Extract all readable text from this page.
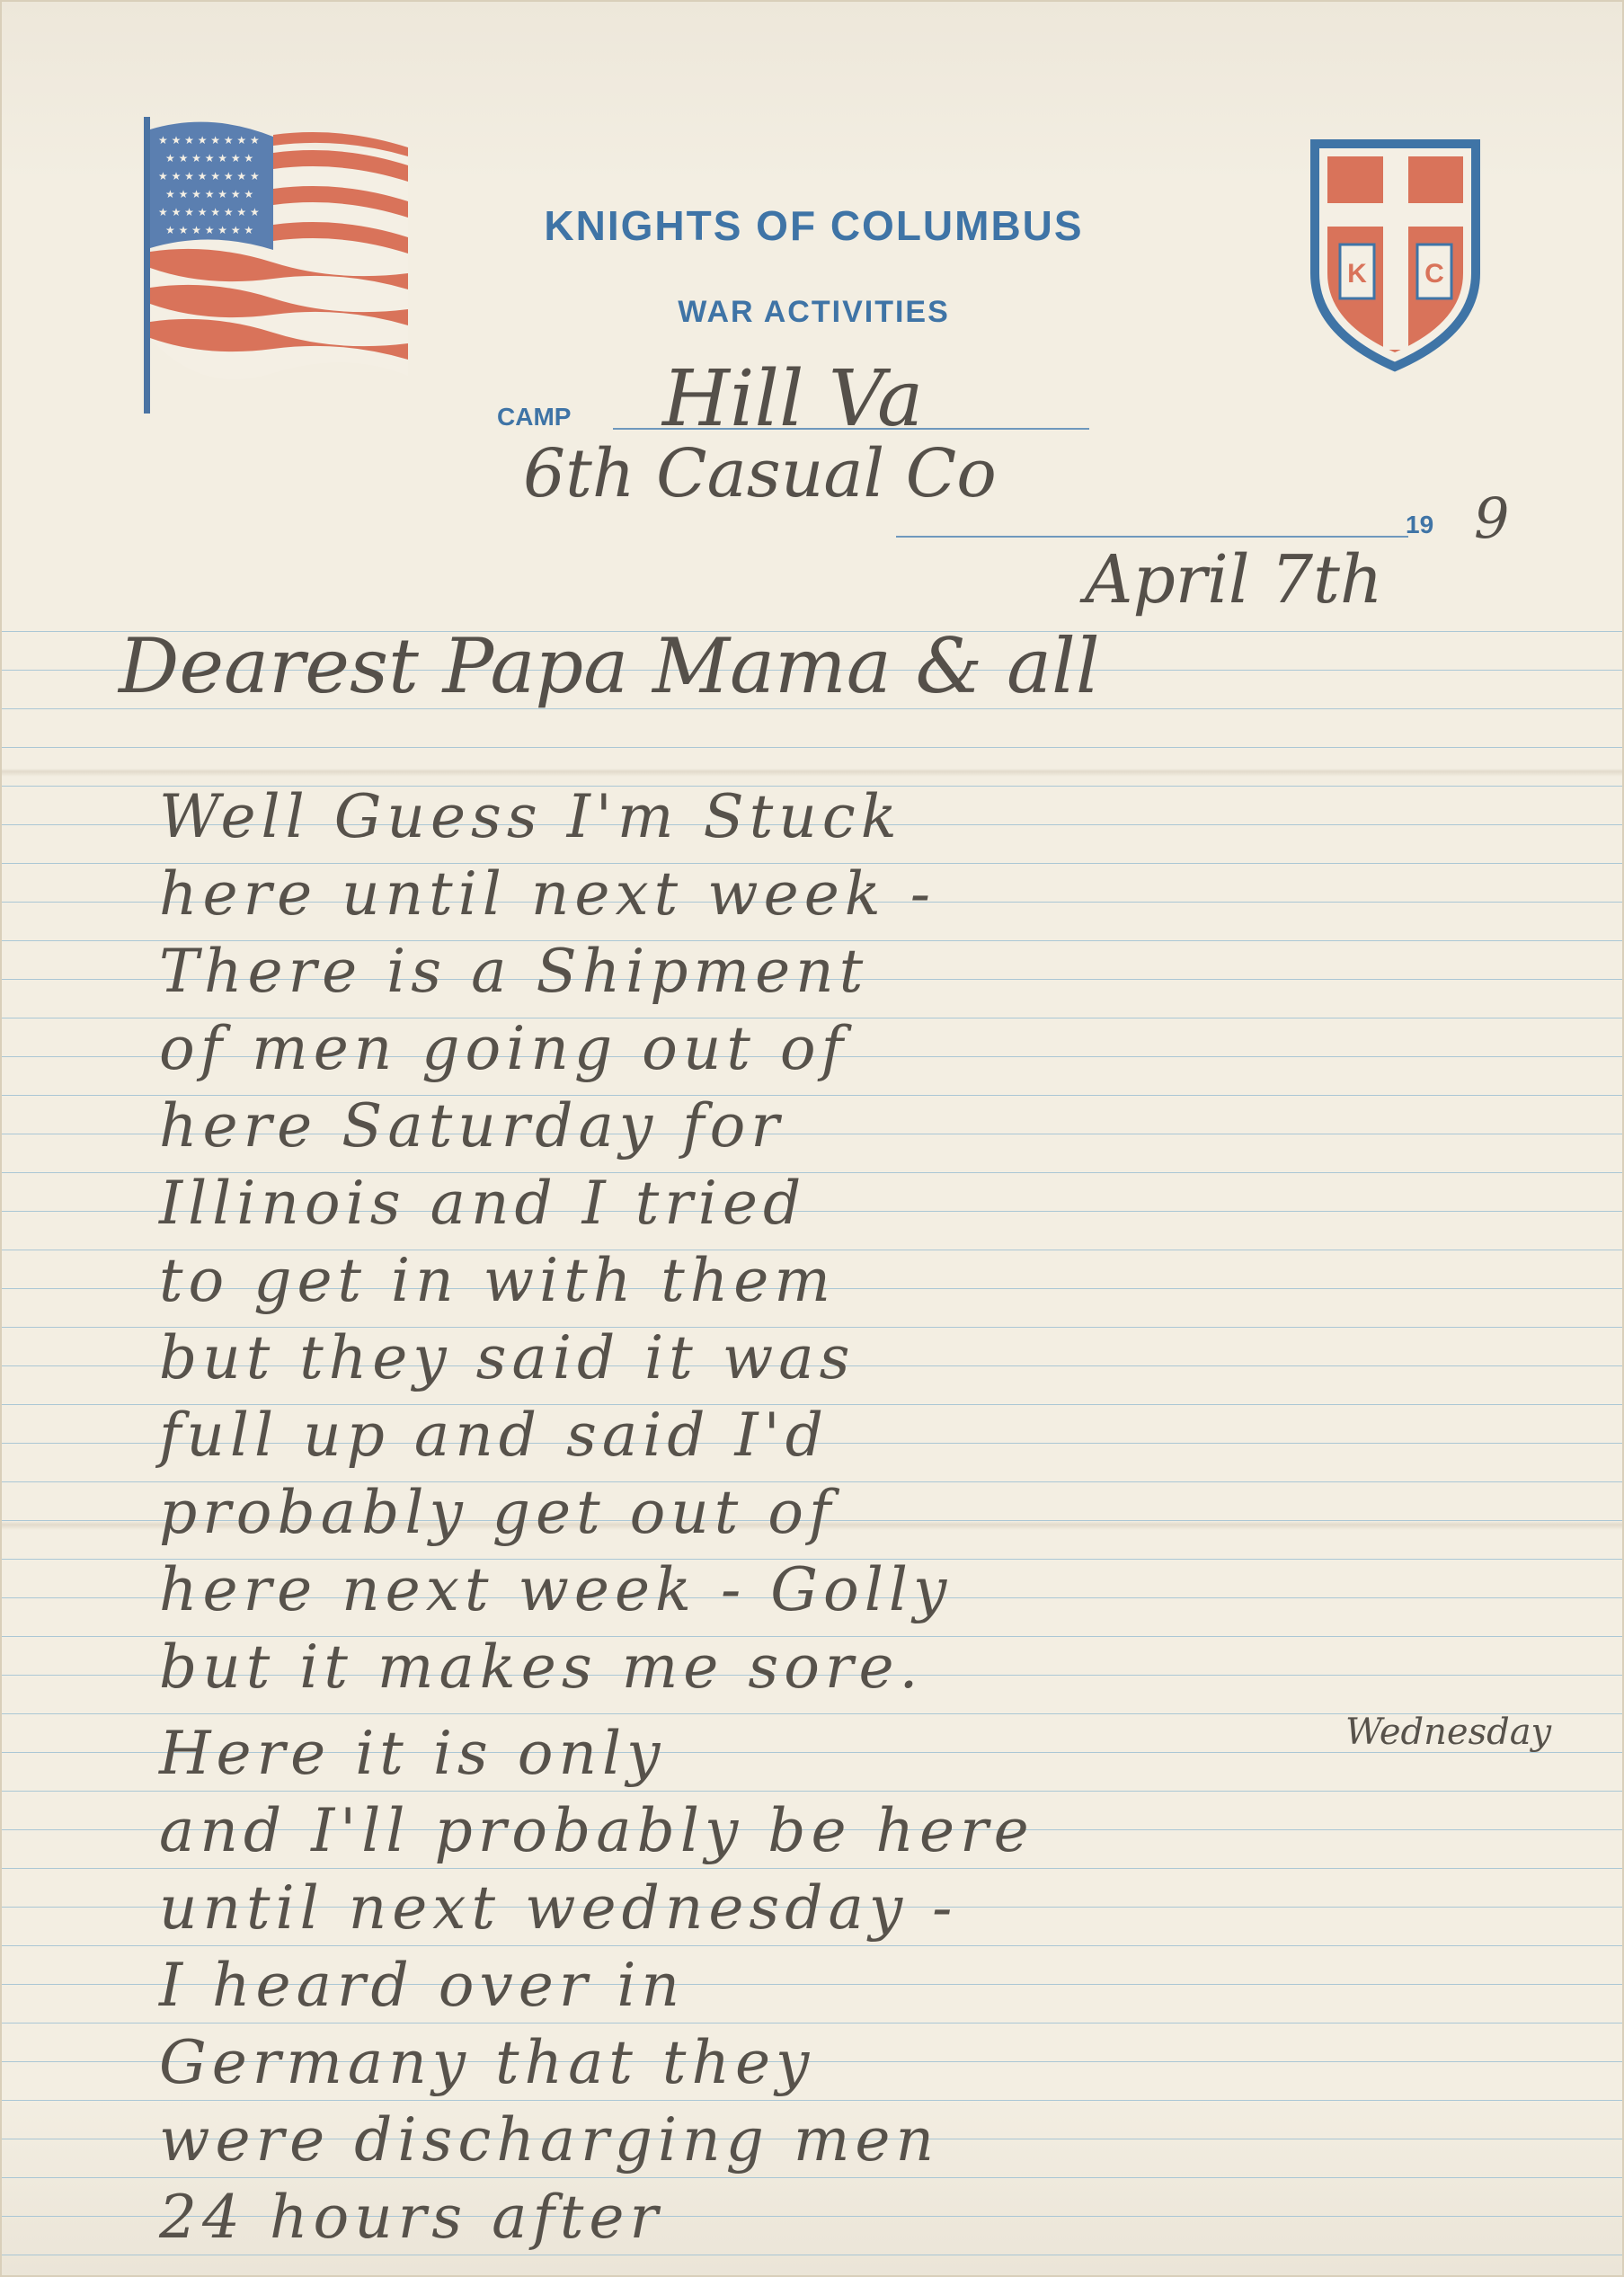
★ ★ ★ ★ ★ ★ ★ ★
★ ★ ★ ★ ★ ★ ★
★ ★ ★ ★ ★ ★ ★ ★
★ ★ ★ ★ ★ ★ ★
★ ★ ★ ★ ★ ★ ★ ★
★ ★ ★ ★ ★ ★ ★	KNIGHTS OF COLUMBUS
WAR ACTIVITIES
K C
CAMP Hill Va
6th Casual Co
19 9
April 7th
Dearest Papa Mama & all
Well Guess I'm Stuck
here until next week -
There is a Shipment
of men going out of
here Saturday for
Illinois and I tried
to get in with them
but they said it was
full up and said I'd
probably get out of
here next week - Golly
but it makes me sore.
Here it is only	Wednesday
and I'll probably be here
until next wednesday -
I heard over in
Germany that they
were discharging men
24 hours after
